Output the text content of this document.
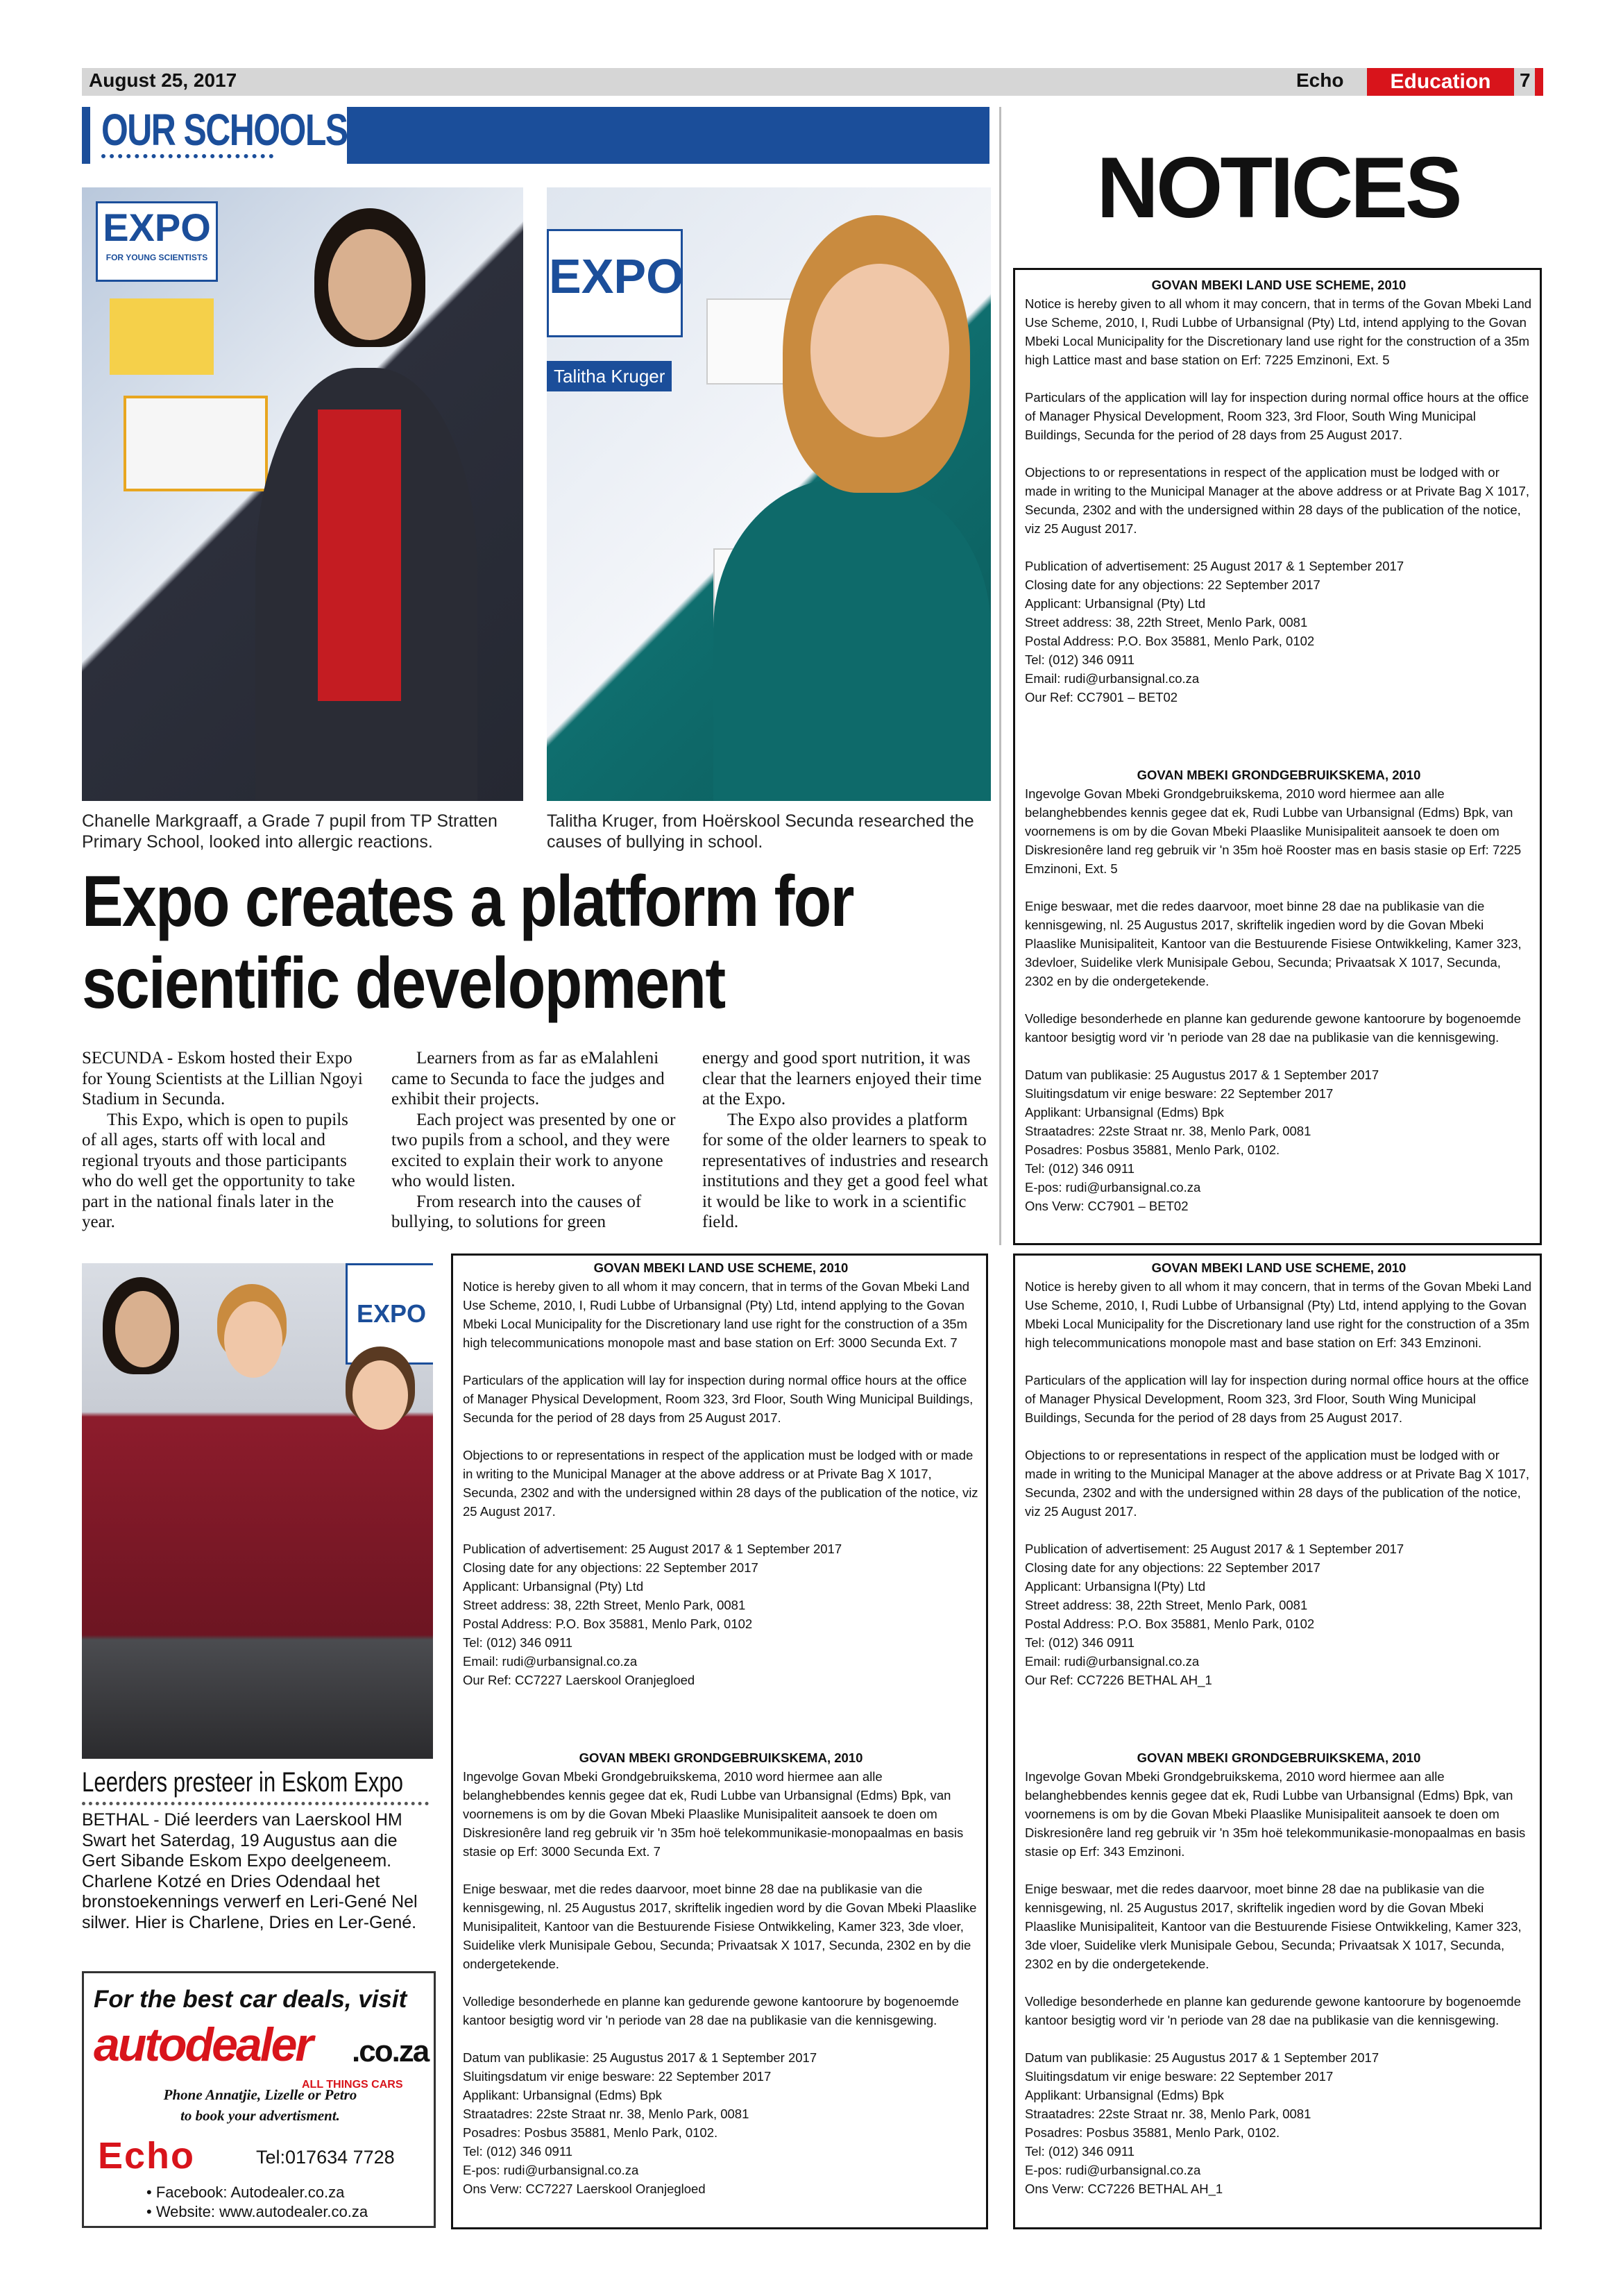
August 25, 2017	Echo	Education	7
OUR SCHOOLS
EXPO
FOR YOUNG SCIENTISTS	EXPO
Talitha Kruger
Chanelle Markgraaff, a Grade 7 pupil from TP Stratten Primary School, looked into allergic reactions.
Talitha Kruger, from Hoërskool Secunda researched the causes of bullying in school.
Expo creates a platform for scientific development
SECUNDA - Eskom hosted their Expo for Young Scientists at the Lillian Ngoyi Stadium in Secunda.
This Expo, which is open to pupils of all ages, starts off with local and regional tryouts and those participants who do well get the opportunity to take part in the national finals later in the year.
Learners from as far as eMalahleni came to Secunda to face the judges and exhibit their projects.
Each project was presented by one or two pupils from a school, and they were excited to explain their work to anyone who would listen.
From research into the causes of bullying, to solutions for green
energy and good sport nutrition, it was clear that the learners enjoyed their time at the Expo.
The Expo also provides a platform for some of the older learners to speak to representatives of industries and research institutions and they get a good feel what it would be like to work in a scientific field.
EXPO
Leerders presteer in Eskom Expo
BETHAL - Dié leerders van Laerskool HM Swart het Saterdag, 19 Augustus aan die Gert Sibande Eskom Expo deelgeneem. Charlene Kotzé en Dries Odendaal het bronstoekennings verwerf en Leri-Gené Nel silwer. Hier is Charlene, Dries en Ler-Gené.
For the best car deals, visit
autodealer .co.za
ALL THINGS CARS
Phone Annatjie, Lizelle or Petro
to book your advertisment.
Echo	Tel:017634 7728
• Facebook: Autodealer.co.za
• Website: www.autodealer.co.za
NOTICES
GOVAN MBEKI LAND USE SCHEME, 2010
Notice is hereby given to all whom it may concern, that in terms of the Govan Mbeki Land Use Scheme, 2010, I, Rudi Lubbe of Urbansignal (Pty) Ltd, intend applying to the Govan Mbeki Local Municipality for the Discretionary land use right for the construction of a 35m high Lattice mast and base station on Erf: 7225 Emzinoni, Ext. 5
Particulars of the application will lay for inspection during normal office hours at the office of Manager Physical Development, Room 323, 3rd Floor, South Wing Municipal Buildings, Secunda for the period of 28 days from 25 August 2017.
Objections to or representations in respect of the application must be lodged with or made in writing to the Municipal Manager at the above address or at Private Bag X 1017, Secunda, 2302 and with the undersigned within 28 days of the publication of the notice, viz 25 August 2017.
Publication of advertisement: 25 August 2017 & 1 September 2017
Closing date for any objections: 22 September 2017
Applicant: Urbansignal (Pty) Ltd
Street address: 38, 22th Street, Menlo Park, 0081
Postal Address: P.O. Box 35881, Menlo Park, 0102
Tel: (012) 346 0911
Email: rudi@urbansignal.co.za
Our Ref: CC7901 – BET02
GOVAN MBEKI GRONDGEBRUIKSKEMA, 2010
Ingevolge Govan Mbeki Grondgebruikskema, 2010 word hiermee aan alle belanghebbendes kennis gegee dat ek, Rudi Lubbe van Urbansignal (Edms) Bpk, van voornemens is om by die Govan Mbeki Plaaslike Munisipaliteit aansoek te doen om Diskresionêre land reg gebruik vir 'n 35m hoë Rooster mas en basis stasie op Erf: 7225 Emzinoni, Ext. 5
Enige beswaar, met die redes daarvoor, moet binne 28 dae na publikasie van die kennisgewing, nl. 25 Augustus 2017, skriftelik ingedien word by die Govan Mbeki Plaaslike Munisipaliteit, Kantoor van die Bestuurende Fisiese Ontwikkeling, Kamer 323, 3devloer, Suidelike vlerk Munisipale Gebou, Secunda; Privaatsak X 1017, Secunda, 2302 en by die ondergetekende.
Volledige besonderhede en planne kan gedurende gewone kantoorure by bogenoemde kantoor besigtig word vir 'n periode van 28 dae na publikasie van die kennisgewing.
Datum van publikasie: 25 Augustus 2017 & 1 September 2017
Sluitingsdatum vir enige besware: 22 September 2017
Applikant: Urbansignal (Edms) Bpk
Straatadres: 22ste Straat nr. 38, Menlo Park, 0081
Posadres: Posbus 35881, Menlo Park, 0102.
Tel: (012) 346 0911
E-pos: rudi@urbansignal.co.za
Ons Verw: CC7901 – BET02
GOVAN MBEKI LAND USE SCHEME, 2010
Notice is hereby given to all whom it may concern, that in terms of the Govan Mbeki Land Use Scheme, 2010, I, Rudi Lubbe of Urbansignal (Pty) Ltd, intend applying to the Govan Mbeki Local Municipality for the Discretionary land use right for the construction of a 35m high telecommunications monopole mast and base station on Erf: 3000 Secunda Ext. 7
Particulars of the application will lay for inspection during normal office hours at the office of Manager Physical Development, Room 323, 3rd Floor, South Wing Municipal Buildings, Secunda for the period of 28 days from 25 August 2017.
Objections to or representations in respect of the application must be lodged with or made in writing to the Municipal Manager at the above address or at Private Bag X 1017, Secunda, 2302 and with the undersigned within 28 days of the publication of the notice, viz 25 August 2017.
Publication of advertisement: 25 August 2017 & 1 September 2017
Closing date for any objections: 22 September 2017
Applicant: Urbansignal (Pty) Ltd
Street address: 38, 22th Street, Menlo Park, 0081
Postal Address: P.O. Box 35881, Menlo Park, 0102
Tel: (012) 346 0911
Email: rudi@urbansignal.co.za
Our Ref: CC7227 Laerskool Oranjegloed
GOVAN MBEKI GRONDGEBRUIKSKEMA, 2010
Ingevolge Govan Mbeki Grondgebruikskema, 2010 word hiermee aan alle belanghebbendes kennis gegee dat ek, Rudi Lubbe van Urbansignal (Edms) Bpk, van voornemens is om by die Govan Mbeki Plaaslike Munisipaliteit aansoek te doen om Diskresionêre land reg gebruik vir 'n 35m hoë telekommunikasie-monopaalmas en basis stasie op Erf: 3000 Secunda Ext. 7
Enige beswaar, met die redes daarvoor, moet binne 28 dae na publikasie van die kennisgewing, nl. 25 Augustus 2017, skriftelik ingedien word by die Govan Mbeki Plaaslike Munisipaliteit, Kantoor van die Bestuurende Fisiese Ontwikkeling, Kamer 323, 3de vloer, Suidelike vlerk Munisipale Gebou, Secunda; Privaatsak X 1017, Secunda, 2302 en by die ondergetekende.
Volledige besonderhede en planne kan gedurende gewone kantoorure by bogenoemde kantoor besigtig word vir 'n periode van 28 dae na publikasie van die kennisgewing.
Datum van publikasie: 25 Augustus 2017 & 1 September 2017
Sluitingsdatum vir enige besware: 22 September 2017
Applikant: Urbansignal (Edms) Bpk
Straatadres: 22ste Straat nr. 38, Menlo Park, 0081
Posadres: Posbus 35881, Menlo Park, 0102.
Tel: (012) 346 0911
E-pos: rudi@urbansignal.co.za
Ons Verw: CC7227 Laerskool Oranjegloed
GOVAN MBEKI LAND USE SCHEME, 2010
Notice is hereby given to all whom it may concern, that in terms of the Govan Mbeki Land Use Scheme, 2010, I, Rudi Lubbe of Urbansignal (Pty) Ltd, intend applying to the Govan Mbeki Local Municipality for the Discretionary land use right for the construction of a 35m high telecommunications monopole mast and base station on Erf: 343 Emzinoni.
Particulars of the application will lay for inspection during normal office hours at the office of Manager Physical Development, Room 323, 3rd Floor, South Wing Municipal Buildings, Secunda for the period of 28 days from 25 August 2017.
Objections to or representations in respect of the application must be lodged with or made in writing to the Municipal Manager at the above address or at Private Bag X 1017, Secunda, 2302 and with the undersigned within 28 days of the publication of the notice, viz 25 August 2017.
Publication of advertisement: 25 August 2017 & 1 September 2017
Closing date for any objections: 22 September 2017
Applicant: Urbansigna l(Pty) Ltd
Street address: 38, 22th Street, Menlo Park, 0081
Postal Address: P.O. Box 35881, Menlo Park, 0102
Tel: (012) 346 0911
Email: rudi@urbansignal.co.za
Our Ref: CC7226 BETHAL AH_1
GOVAN MBEKI GRONDGEBRUIKSKEMA, 2010
Ingevolge Govan Mbeki Grondgebruikskema, 2010 word hiermee aan alle belanghebbendes kennis gegee dat ek, Rudi Lubbe van Urbansignal (Edms) Bpk, van voornemens is om by die Govan Mbeki Plaaslike Munisipaliteit aansoek te doen om Diskresionêre land reg gebruik vir 'n 35m hoë telekommunikasie-monopaalmas en basis stasie op Erf: 343 Emzinoni.
Enige beswaar, met die redes daarvoor, moet binne 28 dae na publikasie van die kennisgewing, nl. 25 Augustus 2017, skriftelik ingedien word by die Govan Mbeki Plaaslike Munisipaliteit, Kantoor van die Bestuurende Fisiese Ontwikkeling, Kamer 323, 3de vloer, Suidelike vlerk Munisipale Gebou, Secunda; Privaatsak X 1017, Secunda, 2302 en by die ondergetekende.
Volledige besonderhede en planne kan gedurende gewone kantoorure by bogenoemde kantoor besigtig word vir 'n periode van 28 dae na publikasie van die kennisgewing.
Datum van publikasie: 25 Augustus 2017 & 1 September 2017
Sluitingsdatum vir enige besware: 22 September 2017
Applikant: Urbansignal (Edms) Bpk
Straatadres: 22ste Straat nr. 38, Menlo Park, 0081
Posadres: Posbus 35881, Menlo Park, 0102.
Tel: (012) 346 0911
E-pos: rudi@urbansignal.co.za
Ons Verw: CC7226 BETHAL AH_1
